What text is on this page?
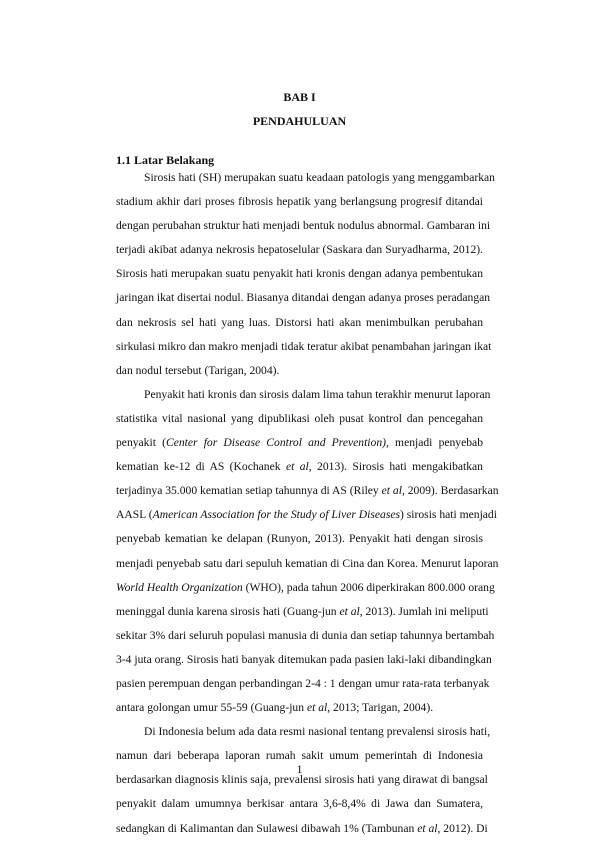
BAB I
PENDAHULUAN
1.1 Latar Belakang
Sirosis hati (SH) merupakan suatu keadaan patologis yang menggambarkan
stadium akhir dari proses fibrosis hepatik yang berlangsung progresif ditandai
dengan perubahan struktur hati menjadi bentuk nodulus abnormal. Gambaran ini
terjadi akibat adanya nekrosis hepatoselular (Saskara dan Suryadharma, 2012).
Sirosis hati merupakan suatu penyakit hati kronis dengan adanya pembentukan
jaringan ikat disertai nodul. Biasanya ditandai dengan adanya proses peradangan
dan nekrosis sel hati yang luas. Distorsi hati akan menimbulkan perubahan
sirkulasi mikro dan makro menjadi tidak teratur akibat penambahan jaringan ikat
dan nodul tersebut (Tarigan, 2004).
Penyakit hati kronis dan sirosis dalam lima tahun terakhir menurut laporan
statistika vital nasional yang dipublikasi oleh pusat kontrol dan pencegahan
penyakit (Center for Disease Control and Prevention), menjadi penyebab
kematian ke-12 di AS (Kochanek et al, 2013). Sirosis hati mengakibatkan
terjadinya 35.000 kematian setiap tahunnya di AS (Riley et al, 2009). Berdasarkan
AASL (American Association for the Study of Liver Diseases) sirosis hati menjadi
penyebab kematian ke delapan (Runyon, 2013). Penyakit hati dengan sirosis
menjadi penyebab satu dari sepuluh kematian di Cina dan Korea. Menurut laporan
World Health Organization (WHO), pada tahun 2006 diperkirakan 800.000 orang
meninggal dunia karena sirosis hati (Guang-jun et al, 2013). Jumlah ini meliputi
sekitar 3% dari seluruh populasi manusia di dunia dan setiap tahunnya bertambah
3-4 juta orang. Sirosis hati banyak ditemukan pada pasien laki-laki dibandingkan
pasien perempuan dengan perbandingan 2-4 : 1 dengan umur rata-rata terbanyak
antara golongan umur 55-59 (Guang-jun et al, 2013; Tarigan, 2004).
Di Indonesia belum ada data resmi nasional tentang prevalensi sirosis hati,
namun dari beberapa laporan rumah sakit umum pemerintah di Indonesia
berdasarkan diagnosis klinis saja, prevalensi sirosis hati yang dirawat di bangsal
penyakit dalam umumnya berkisar antara 3,6-8,4% di Jawa dan Sumatera,
sedangkan di Kalimantan dan Sulawesi dibawah 1% (Tambunan et al, 2012). Di
1
